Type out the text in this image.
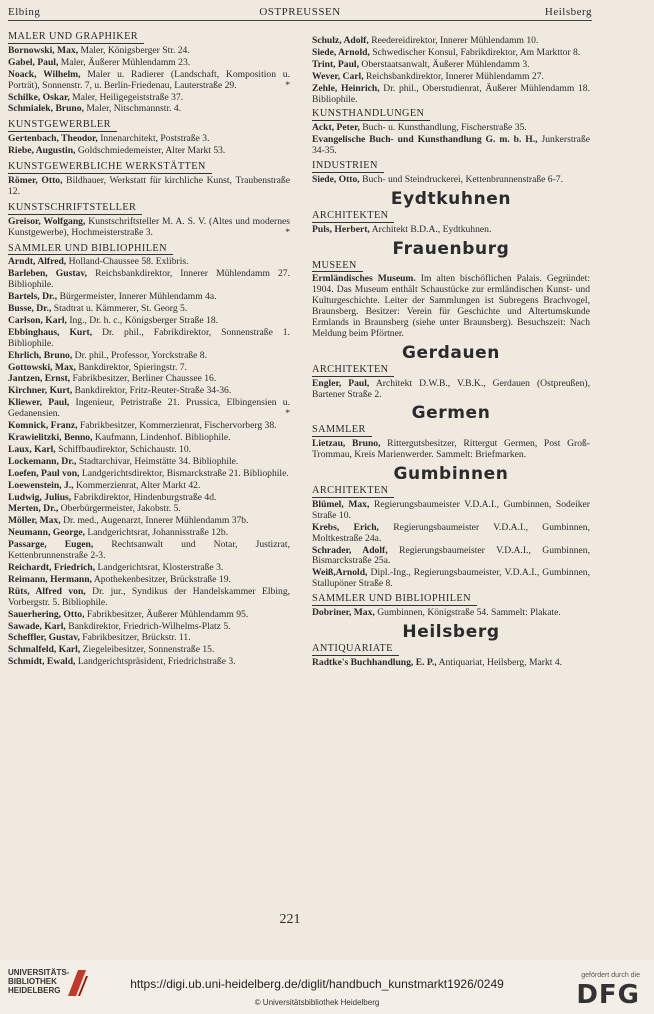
Elbing	OSTPREUSSEN	Heilsberg
MALER UND GRAPHIKER

Bornowski, Max, Maler, Königsberger Str. 24.

Gabel, Paul, Maler, Äußerer Mühlendamm 23.

Noack, Wilhelm, Maler u. Radierer (Landschaft, Komposition u. Porträt), Sonnenstr. 7, u. Berlin-Friedenau, Lauterstraße 29.	*

Schilke, Oskar, Maler, Heiligegeiststraße 37.

Schmialek, Bruno, Maler, Nitschmannstr. 4.

KUNSTGEWERBLER

Gertenbach, Theodor, Innenarchitekt, Poststraße 3.

Riebe, Augustin, Goldschmiedemeister, Alter Markt 53.

KUNSTGEWERBLICHE WERKSTÄTTEN

Römer, Otto, Bildhauer, Werkstatt für kirchliche Kunst, Traubenstraße 12.

KUNSTSCHRIFTSTELLER

Greisor, Wolfgang, Kunstschriftsteller M. A. S. V. (Altes und modernes Kunstgewerbe), Hochmeisterstraße 3.	*

SAMMLER UND BIBLIOPHILEN

Arndt, Alfred, Holland-Chaussee 58. Exlibris.

Barleben, Gustav, Reichsbankdirektor, Innerer Mühlendamm 27. Bibliophile.

Bartels, Dr., Bürgermeister, Innerer Mühlendamm 4a.

Busse, Dr., Stadtrat u. Kämmerer, St. Georg 5.

Carlson, Karl, Ing., Dr. h. c., Königsberger Straße 18.

Ebbinghaus, Kurt, Dr. phil., Fabrikdirektor, Sonnenstraße 1. Bibliophile.

Ehrlich, Bruno, Dr. phil., Professor, Yorckstraße 8.

Gottowski, Max, Bankdirektor, Spieringstr. 7.

Jantzen, Ernst, Fabrikbesitzer, Berliner Chaussee 16.

Kirchner, Kurt, Bankdirektor, Fritz-Reuter-Straße 34-36.

Kliewer, Paul, Ingenieur, Petristraße 21. Prussica, Elbingensien u. Gedanensien.	*

Komnick, Franz, Fabrikbesitzer, Kommerzienrat, Fischervorberg 38.

Krawielitzki, Benno, Kaufmann, Lindenhof. Bibliophile.

Laux, Karl, Schiffbaudirektor, Schichaustr. 10.

Lockemann, Dr., Stadtarchivar, Heimstätte 34. Bibliophile.

Loefen, Paul von, Landgerichtsdirektor, Bismarckstraße 21. Bibliophile.

Loewenstein, J., Kommerzienrat, Alter Markt 42.

Ludwig, Julius, Fabrikdirektor, Hindenburgstraße 4d.

Merten, Dr., Oberbürgermeister, Jakobstr. 5.

Möller, Max, Dr. med., Augenarzt, Innerer Mühlendamm 37b.

Neumann, George, Landgerichtsrat, Johannisstraße 12b.

Passarge, Eugen, Rechtsanwalt und Notar, Justizrat, Kettenbrunnenstraße 2-3.

Reichardt, Friedrich, Landgerichtsrat, Klosterstraße 3.

Reimann, Hermann, Apothekenbesitzer, Brückstraße 19.

Rüts, Alfred von, Dr. jur., Syndikus der Handelskammer Elbing, Vorbergstr. 5. Bibliophile.

Sauerhering, Otto, Fabrikbesitzer, Äußerer Mühlendamm 95.

Sawade, Karl, Bankdirektor, Friedrich-Wilhelms-Platz 5.

Scheffler, Gustav, Fabrikbesitzer, Brückstr. 11.

Schmalfeld, Karl, Ziegeleibesitzer, Sonnenstraße 15.

Schmidt, Ewald, Landgerichtspräsident, Friedrichstraße 3.

Schulz, Adolf, Reedereidirektor, Innerer Mühlendamm 10.

Siede, Arnold, Schwedischer Konsul, Fabrikdirektor, Am Markttor 8.

Trint, Paul, Oberstaatsanwalt, Äußerer Mühlendamm 3.

Wever, Carl, Reichsbankdirektor, Innerer Mühlendamm 27.

Zehle, Heinrich, Dr. phil., Oberstudienrat, Äußerer Mühlendamm 18. Bibliophile.

KUNSTHANDLUNGEN

Ackt, Peter, Buch- u. Kunsthandlung, Fischerstraße 35.

Evangelische Buch- und Kunsthandlung G. m. b. H., Junkerstraße 34-35.

INDUSTRIEN

Siede, Otto, Buch- und Steindruckerei, Kettenbrunnenstraße 6-7.

Eydtkuhnen
ARCHITEKTEN

Puls, Herbert, Architekt B.D.A., Eydtkuhnen.

Frauenburg
MUSEEN

Ermländisches Museum. Im alten bischöflichen Palais. Gegründet: 1904. Das Museum enthält Schaustücke zur ermländischen Kunst- und Kulturgeschichte. Leiter der Sammlungen ist Subregens Brachvogel, Braunsberg. Besitzer: Verein für Geschichte und Altertumskunde Ermlands in Braunsberg (siehe unter Braunsberg). Besuchszeit: Nach Meldung beim Pförtner.

Gerdauen
ARCHITEKTEN

Engler, Paul, Architekt D.W.B., V.B.K., Gerdauen (Ostpreußen), Bartener Straße 2.

Germen
SAMMLER

Lietzau, Bruno, Rittergutsbesitzer, Rittergut Germen, Post Groß-Trommau, Kreis Marienwerder. Sammelt: Briefmarken.

Gumbinnen
ARCHITEKTEN

Blümel, Max, Regierungsbaumeister V.D.A.I., Gumbinnen, Sodeiker Straße 10.

Krebs, Erich, Regierungsbaumeister V.D.A.I., Gumbinnen, Moltkestraße 24a.

Schrader, Adolf, Regierungsbaumeister V.D.A.I., Gumbinnen, Bismarckstraße 25a.

Weiß,Arnold, Dipl.-Ing., Regierungsbaumeister, V.D.A.I., Gumbinnen, Stallupöner Straße 8.

SAMMLER UND BIBLIOPHILEN

Dobriner, Max, Gumbinnen, Königstraße 54. Sammelt: Plakate.

Heilsberg
ANTIQUARIATE

Radtke's Buchhandlung, E. P., Antiquariat, Heilsberg, Markt 4.

221
UNIVERSITÄTS-
BIBLIOTHEK
HEIDELBERG	https://digi.ub.uni-heidelberg.de/diglit/handbuch_kunstmarkt1926/0249
© Universitätsbibliothek Heidelberg
gefördert durch die
DFG
